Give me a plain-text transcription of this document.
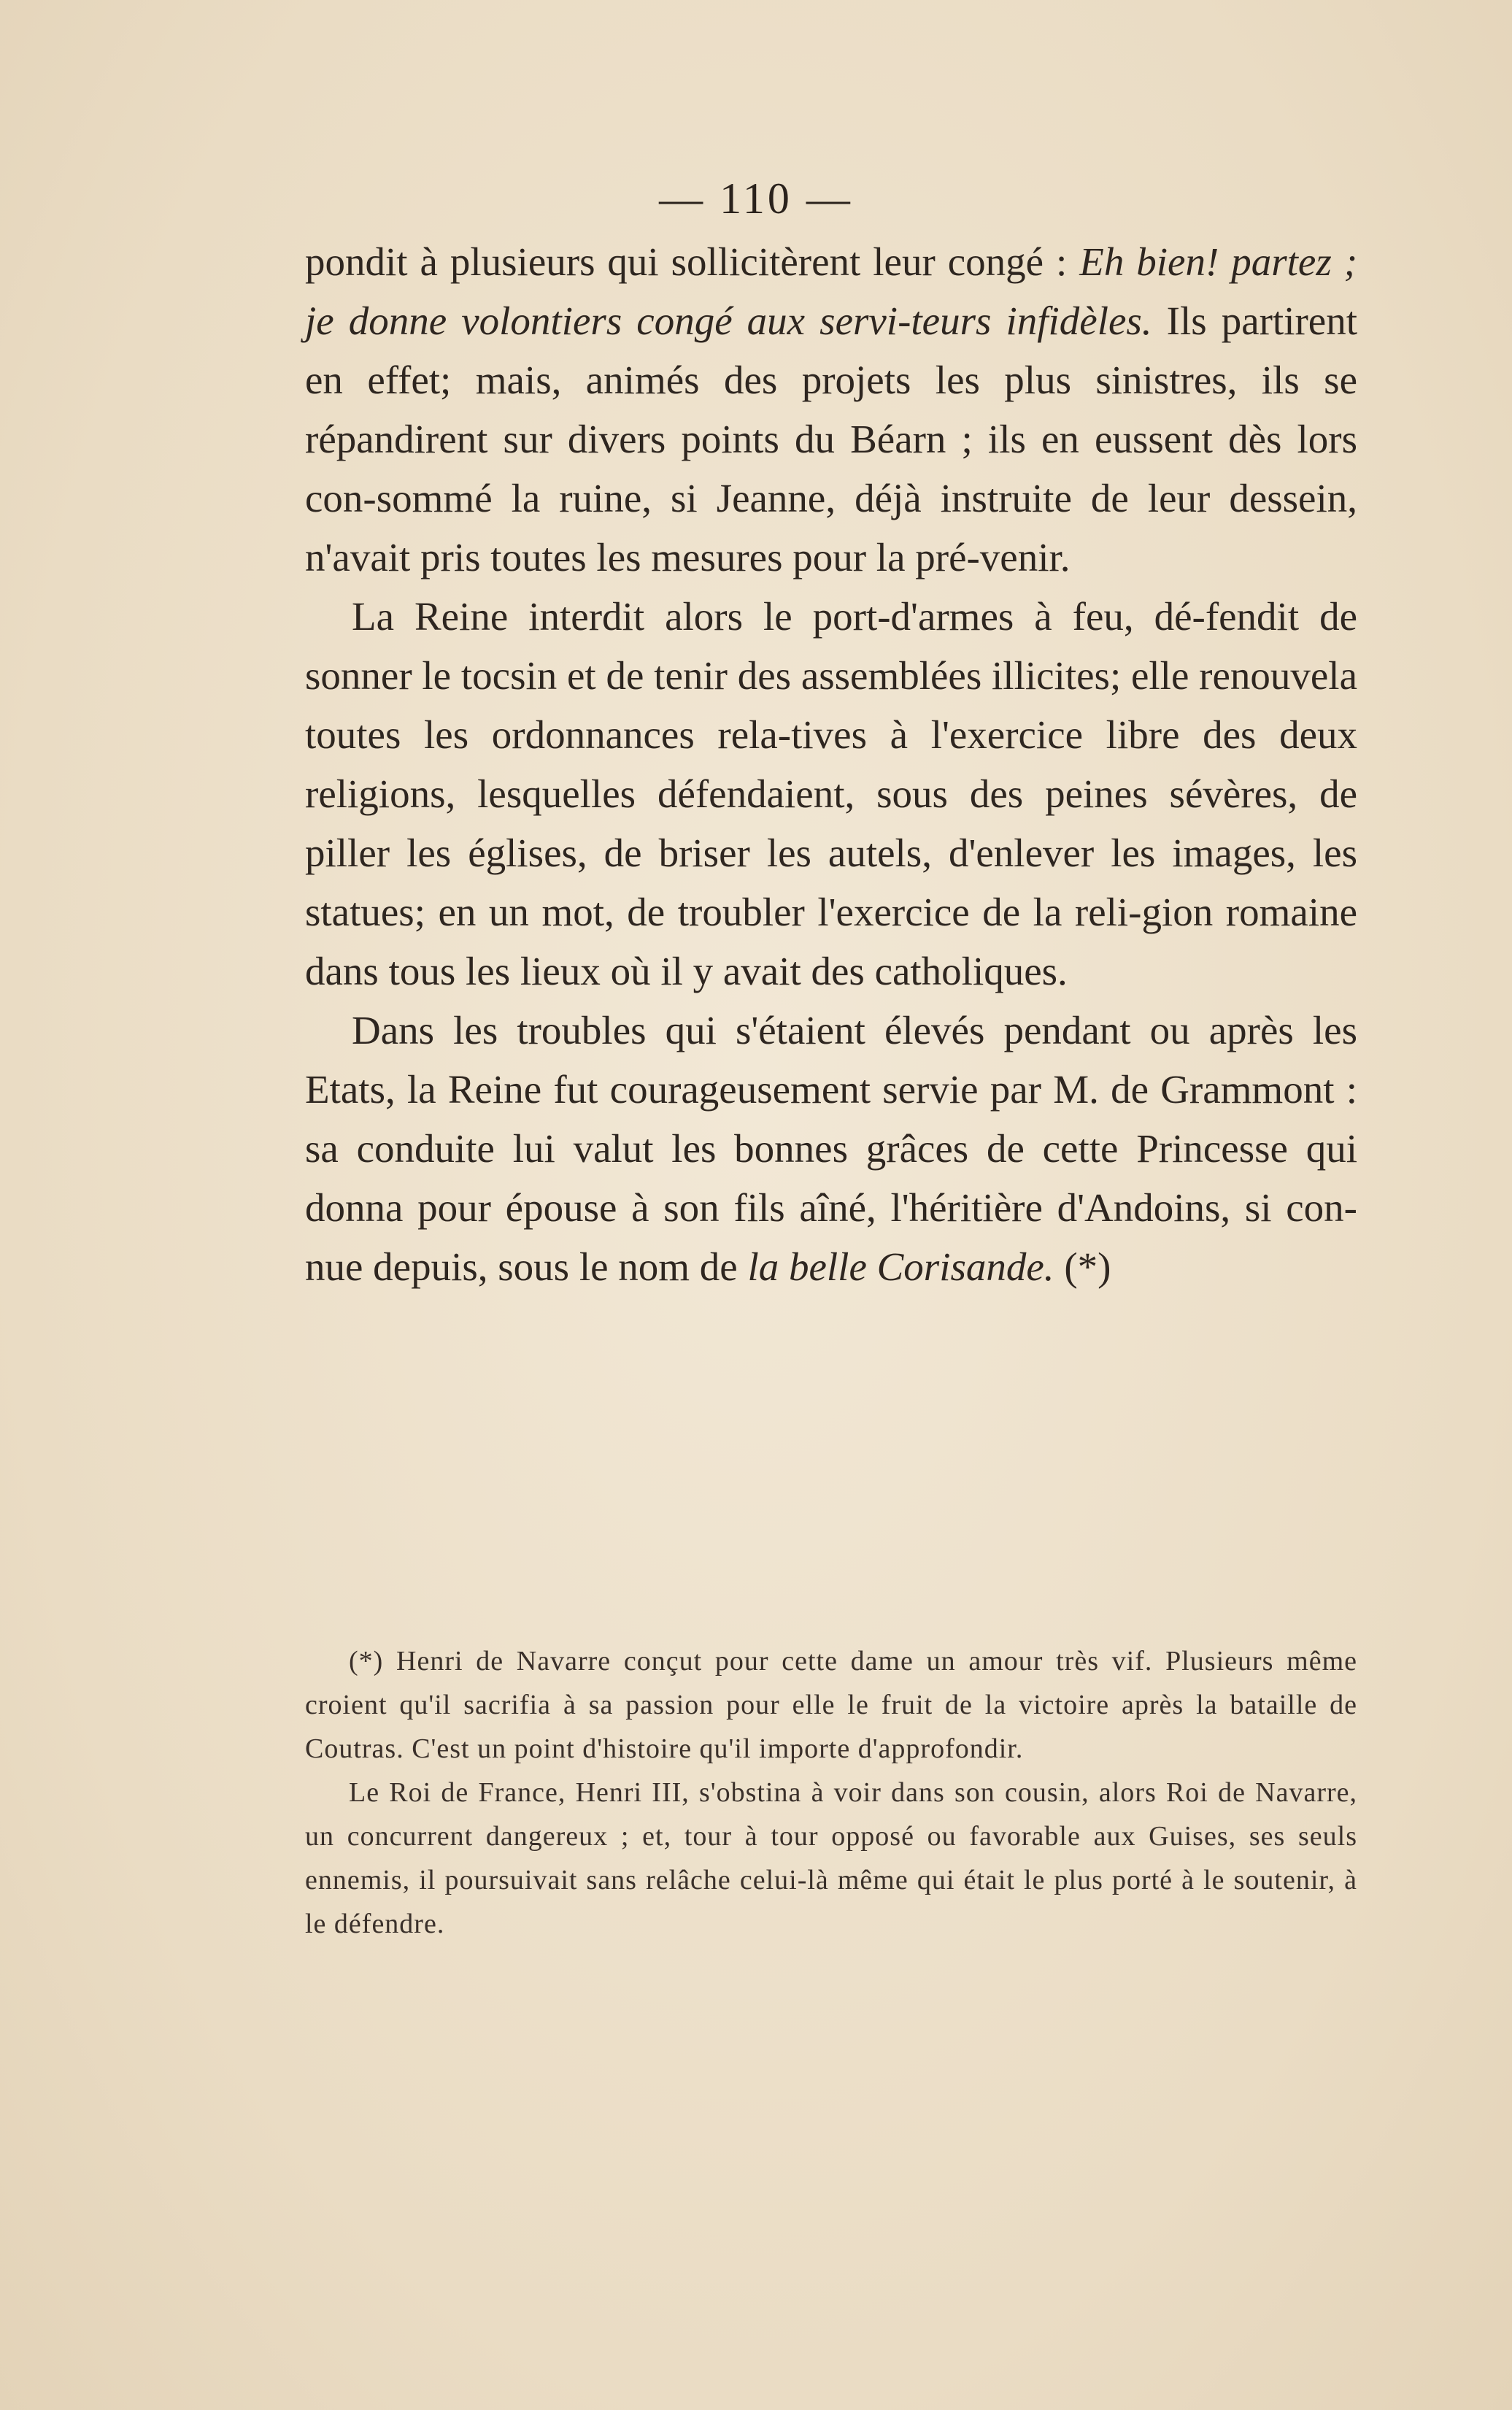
— 110 —

pondit à plusieurs qui sollicitèrent leur congé : Eh bien! partez ; je donne volontiers congé aux servi-teurs infidèles. Ils partirent en effet; mais, animés des projets les plus sinistres, ils se répandirent sur divers points du Béarn ; ils en eussent dès lors con-sommé la ruine, si Jeanne, déjà instruite de leur dessein, n'avait pris toutes les mesures pour la pré-venir.

La Reine interdit alors le port-d'armes à feu, dé-fendit de sonner le tocsin et de tenir des assemblées illicites; elle renouvela toutes les ordonnances rela-tives à l'exercice libre des deux religions, lesquelles défendaient, sous des peines sévères, de piller les églises, de briser les autels, d'enlever les images, les statues; en un mot, de troubler l'exercice de la reli-gion romaine dans tous les lieux où il y avait des catholiques.

Dans les troubles qui s'étaient élevés pendant ou après les Etats, la Reine fut courageusement servie par M. de Grammont : sa conduite lui valut les bonnes grâces de cette Princesse qui donna pour épouse à son fils aîné, l'héritière d'Andoins, si con-nue depuis, sous le nom de la belle Corisande. (*)

(*) Henri de Navarre conçut pour cette dame un amour très vif. Plusieurs même croient qu'il sacrifia à sa passion pour elle le fruit de la victoire après la bataille de Coutras. C'est un point d'histoire qu'il importe d'approfondir.

Le Roi de France, Henri III, s'obstina à voir dans son cousin, alors Roi de Navarre, un concurrent dangereux ; et, tour à tour opposé ou favorable aux Guises, ses seuls ennemis, il poursuivait sans relâche celui-là même qui était le plus porté à le soutenir, à le défendre.
